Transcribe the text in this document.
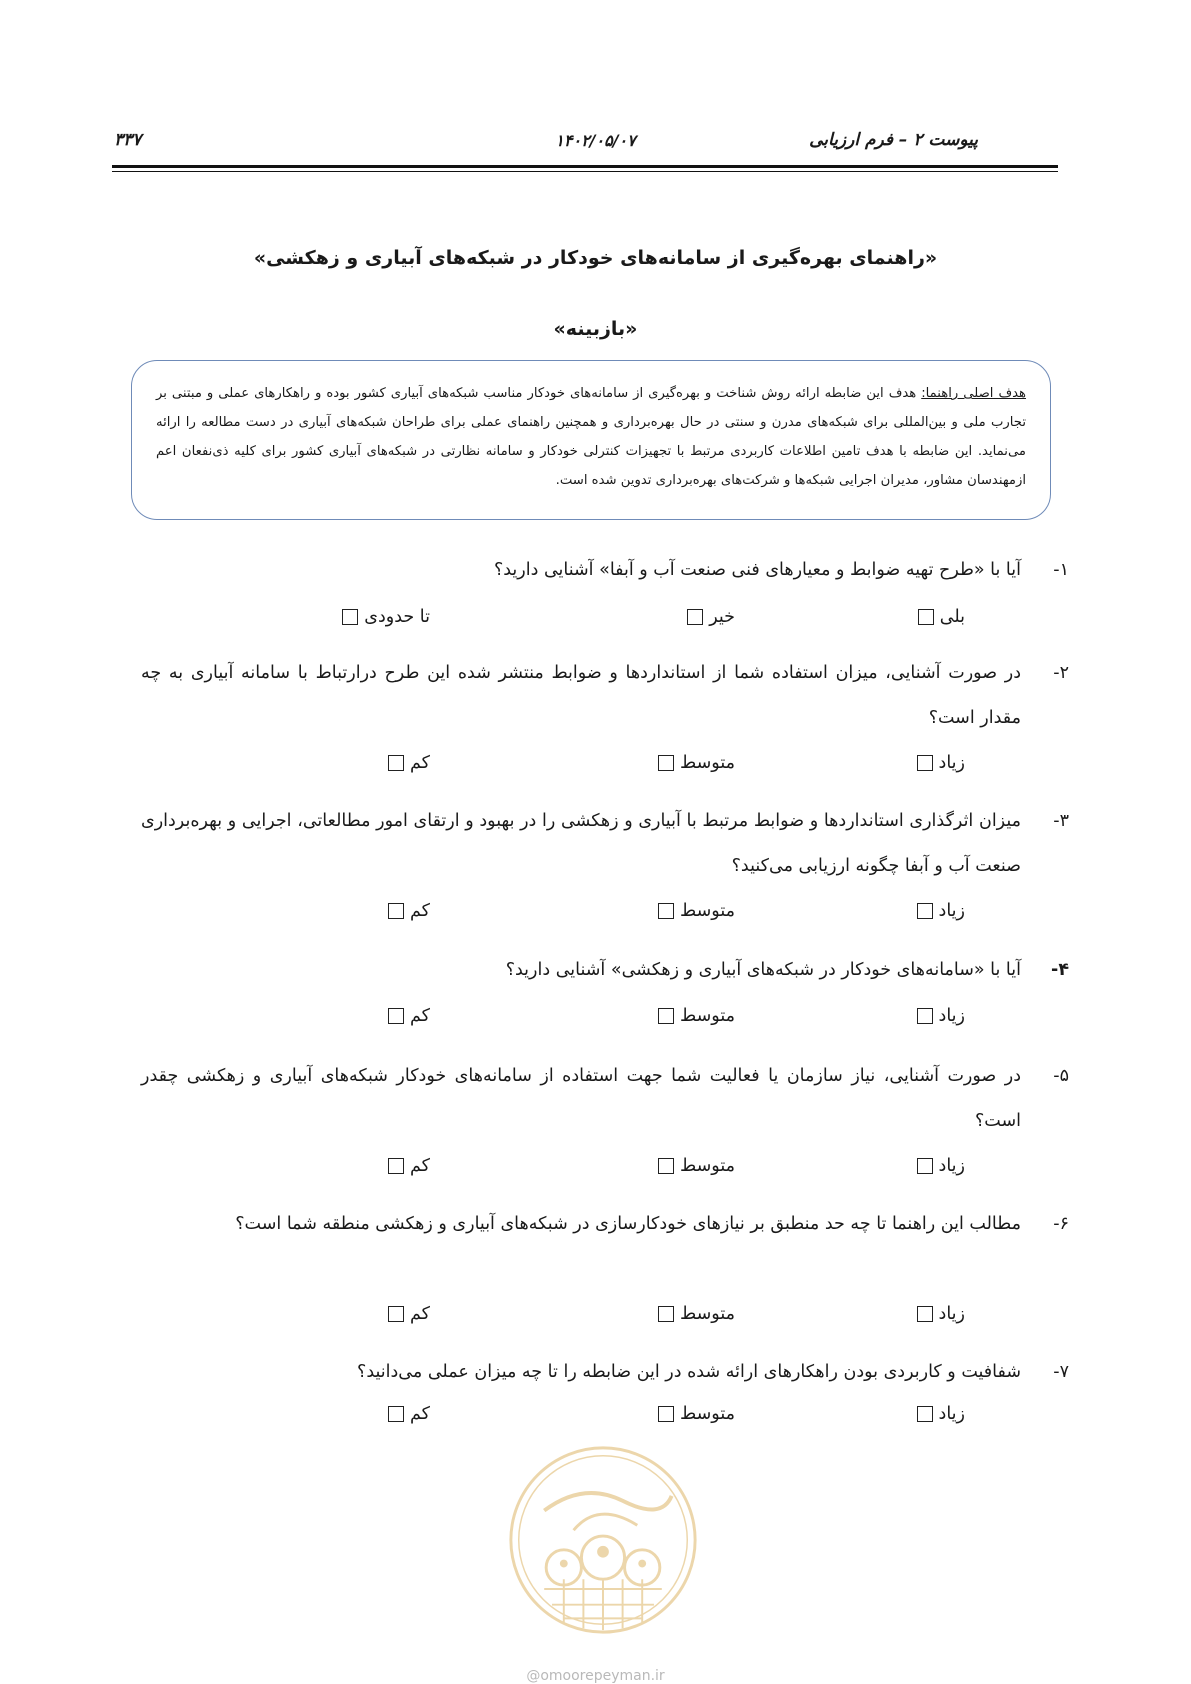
پیوست ۲ – فرم ارزیابی
۱۴۰۲/۰۵/۰۷
۳۳۷
«راهنمای بهره‌گیری از سامانه‌های خودکار در شبکه‌های آبیاری و زهکشی»
«بازبینه»
هدف اصلی راهنما: هدف این ضابطه ارائه روش شناخت و بهره‌گیری از سامانه‌های خودکار مناسب شبکه‌های آبیاری کشور بوده و راهکارهای عملی و مبتنی بر تجارب ملی و بین‌المللی برای شبکه‌های مدرن و سنتی در حال بهره‌برداری و همچنین راهنمای عملی برای طراحان شبکه‌های آبیاری در دست مطالعه را ارائه می‌نماید. این ضابطه با هدف تامین اطلاعات کاربردی مرتبط با تجهیزات کنترلی خودکار و سامانه نظارتی در شبکه‌های آبیاری کشور برای کلیه ذی‌نفعان اعم ازمهندسان مشاور، مدیران اجرایی شبکه‌ها و شرکت‌های بهره‌برداری تدوین شده است.
۱-
آیا با «طرح تهیه ضوابط و معیارهای فنی صنعت آب و آبفا» آشنایی دارید؟
بلی
خیر
تا حدودی
۲-
در صورت آشنایی، میزان استفاده شما از استانداردها و ضوابط منتشر شده این طرح درارتباط با سامانه آبیاری به چه مقدار است؟
زیاد
متوسط
کم
۳-
میزان اثرگذاری استانداردها و ضوابط مرتبط با آبیاری و زهکشی را در بهبود و ارتقای امور مطالعاتی، اجرایی و بهره‌برداری صنعت آب و آبفا چگونه ارزیابی می‌کنید؟
زیاد
متوسط
کم
۴-
آیا با «سامانه‌های خودکار در شبکه‌های آبیاری و زهکشی» آشنایی دارید؟
زیاد
متوسط
کم
۵-
در صورت آشنایی، نیاز سازمان یا فعالیت شما جهت استفاده از سامانه‌های خودکار شبکه‌های آبیاری و زهکشی چقدر است؟
زیاد
متوسط
کم
۶-
مطالب این راهنما تا چه حد منطبق بر نیازهای خودکارسازی در شبکه‌های آبیاری و زهکشی منطقه شما است؟
زیاد
متوسط
کم
۷-
شفافیت و کاربردی بودن راهکارهای ارائه شده در این ضابطه را تا چه میزان عملی می‌دانید؟
زیاد
متوسط
کم
@omoorepeyman.ir
